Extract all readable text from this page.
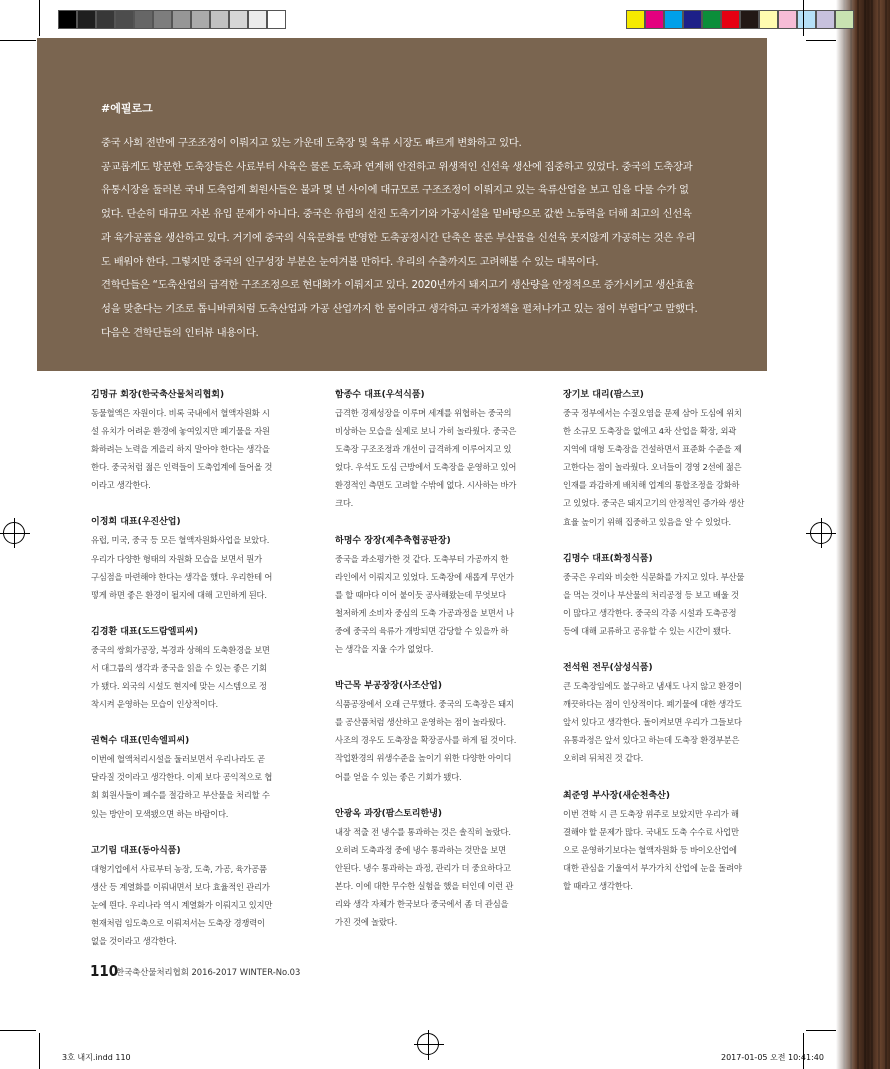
#에필로그

중국 사회 전반에 구조조정이 이뤄지고 있는 가운데 도축장 및 육류 시장도 빠르게 변화하고 있다.

공교롭게도 방문한 도축장들은 사료부터 사육은 물론 도축과 연계해 안전하고 위생적인 신선육 생산에 집중하고 있었다. 중국의 도축장과

유통시장을 둘러본 국내 도축업계 회원사들은 불과 몇 년 사이에 대규모로 구조조정이 이뤄지고 있는 육류산업을 보고 입을 다물 수가 없

었다. 단순히 대규모 자본 유입 문제가 아니다. 중국은 유럽의 선진 도축기기와 가공시설을 밑바탕으로 값싼 노동력을 더해 최고의 신선육

과 육가공품을 생산하고 있다. 거기에 중국의 식육문화를 반영한 도축공정시간 단축은 물론 부산물을 신선육 못지않게 가공하는 것은 우리

도 배워야 한다. 그렇지만 중국의 인구성장 부분은 눈여겨볼 만하다. 우리의 수출까지도 고려해볼 수 있는 대목이다.

견학단들은 “도축산업의 급격한 구조조정으로 현대화가 이뤄지고 있다. 2020년까지 돼지고기 생산량을 안정적으로 증가시키고 생산효율

성을 맞춘다는 기조로 톱니바퀴처럼 도축산업과 가공 산업까지 한 몸이라고 생각하고 국가정책을 펼쳐나가고 있는 점이 부럽다”고 말했다.

다음은 견학단들의 인터뷰 내용이다.

김명규 회장(한국축산물처리협회)

동물혈액은 자원이다. 비록 국내에서 혈액자원화 시

설 유치가 어려운 환경에 놓여있지만 폐기물을 자원

화하려는 노력을 게을리 하지 말아야 한다는 생각을

한다. 중국처럼 젊은 인력들이 도축업계에 들어올 것

이라고 생각한다.

이정희 대표(우진산업)

유럽, 미국, 중국 등 모든 혈액자원화사업을 보았다.

우리가 다양한 형태의 자원화 모습을 보면서 뭔가

구심점을 마련해야 한다는 생각을 했다. 우리한테 어

떻게 하면 좋은 환경이 될지에 대해 고민하게 된다.

김경환 대표(도드람엘피씨)

중국의 쌍회가공장, 북경과 상해의 도축환경을 보면

서 대그룹의 생각과 중국을 읽을 수 있는 좋은 기회

가 됐다. 외국의 시설도 현지에 맞는 시스템으로 정

착시켜 운영하는 모습이 인상적이다.

권혁수 대표(민속엘피씨)

이번에 혈액처리시설을 둘러보면서 우리나라도 곧

달라질 것이라고 생각한다. 이제 보다 공익적으로 협

회 회원사들이 폐수를 절감하고 부산물을 처리할 수

있는 방안이 모색됐으면 하는 바람이다.

고기림 대표(동아식품)

대형기업에서 사료부터 농장, 도축, 가공, 육가공품

생산 등 계열화를 이뤄내면서 보다 효율적인 관리가

눈에 띈다. 우리나라 역시 계열화가 이뤄지고 있지만

현재처럼 임도축으로 이뤄져서는 도축장 경쟁력이

없을 것이라고 생각한다.

함종수 대표(우석식품)

급격한 경제성장을 이루며 세계를 위협하는 중국의

비상하는 모습을 실제로 보니 가히 놀라웠다. 중국은

도축장 구조조정과 개선이 급격하게 이루어지고 있

었다. 우석도 도심 근방에서 도축장을 운영하고 있어

환경적인 측면도 고려할 수밖에 없다. 시사하는 바가

크다.

하명수 장장(제추축협공판장)

중국을 과소평가한 것 같다. 도축부터 가공까지 한

라인에서 이뤄지고 있었다. 도축장에 새롭게 무언가

를 할 때마다 이어 붙이듯 공사해왔는데 무엇보다

철저하게 소비자 중심의 도축 가공과정을 보면서 나

중에 중국의 육류가 개방되면 감당할 수 있을까 하

는 생각을 지울 수가 없었다.

박근목 부공장장(사조산업)

식품공장에서 오래 근무했다. 중국의 도축장은 돼지

를 공산품처럼 생산하고 운영하는 점이 놀라웠다.

사조의 경우도 도축장을 확장공사를 하게 될 것이다.

작업환경의 위생수준을 높이기 위한 다양한 아이디

어를 얻을 수 있는 좋은 기회가 됐다.

안광옥 과장(팜스토리한냉)

내장 적출 전 냉수를 통과하는 것은 솔직히 놀랐다.

오히려 도축과정 중에 냉수 통과하는 것만을 보면

안된다. 냉수 통과하는 과정, 관리가 더 중요하다고

본다. 이에 대한 무수한 실험을 했을 터인데 이런 관

리와 생각 자체가 한국보다 중국에서 좀 더 관심을

가진 것에 놀랐다.

장기보 대리(팜스코)

중국 정부에서는 수질오염을 문제 삼아 도심에 위치

한 소규모 도축장을 없애고 4차 산업을 확장, 외곽

지역에 대형 도축장을 건설하면서 표준화 수준을 제

고한다는 점이 놀라웠다. 오너들이 경영 2선에 젊은

인재를 과감하게 배치해 업계의 통합조정을 강화하

고 있었다. 중국은 돼지고기의 안정적인 증가와 생산

효율 높이기 위해 집중하고 있음을 알 수 있었다.

김명수 대표(화정식품)

중국은 우리와 비슷한 식문화를 가지고 있다. 부산물

을 먹는 것이나 부산물의 처리공정 등 보고 배울 것

이 많다고 생각한다. 중국의 각종 시설과 도축공정

등에 대해 교류하고 공유할 수 있는 시간이 됐다.

전석원 전무(삼성식품)

큰 도축장임에도 불구하고 냄새도 나지 않고 환경이

깨끗하다는 점이 인상적이다. 폐기물에 대한 생각도

앞서 있다고 생각한다. 돌이켜보면 우리가 그들보다

유통과정은 앞서 있다고 하는데 도축장 환경부분은

오히려 뒤쳐진 것 같다.

최준영 부사장(새순천축산)

이번 견학 시 큰 도축장 위주로 보았지만 우리가 해

결해야 할 문제가 많다. 국내도 도축 수수료 사업만

으로 운영하기보다는 혈액자원화 등 바이오산업에

대한 관심을 기울여서 부가가치 산업에 눈을 돌려야

할 때라고 생각한다.

110
한국축산물처리협회 2016-2017 WINTER-No.03
3호 내지.indd 110	2017-01-05 오전 10:41:40
